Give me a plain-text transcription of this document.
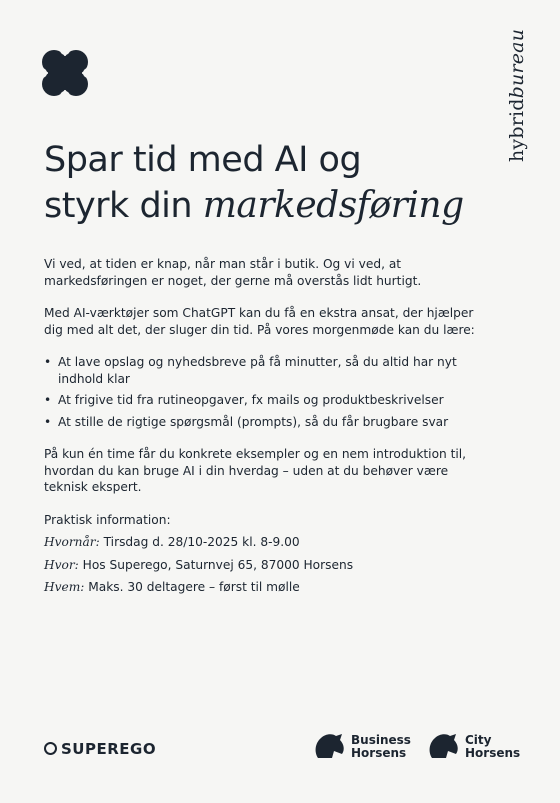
hybridbureau
Spar tid med AI og
styrk din markedsføring

Vi ved, at tiden er knap, når man står i butik. Og vi ved, at markedsføringen er noget, der gerne må overstås lidt hurtigt.

Med AI-værktøjer som ChatGPT kan du få en ekstra ansat, der hjælper dig med alt det, der sluger din tid. På vores morgenmøde kan du lære:

• At lave opslag og nyhedsbreve på få minutter, så du altid har nyt indhold klar
• At frigive tid fra rutineopgaver, fx mails og produktbeskrivelser
• At stille de rigtige spørgsmål (prompts), så du får brugbare svar

På kun én time får du konkrete eksempler og en nem introduktion til, hvordan du kan bruge AI i din hverdag – uden at du behøver være teknisk ekspert.

Praktisk information:

Hvornår: Tirsdag d. 28/10-2025 kl. 8-9.00

Hvor: Hos Superego, Saturnvej 65, 87000 Horsens

Hvem: Maks. 30 deltagere – først til mølle

SUPEREGO	Business
Horsens
City
Horsens
